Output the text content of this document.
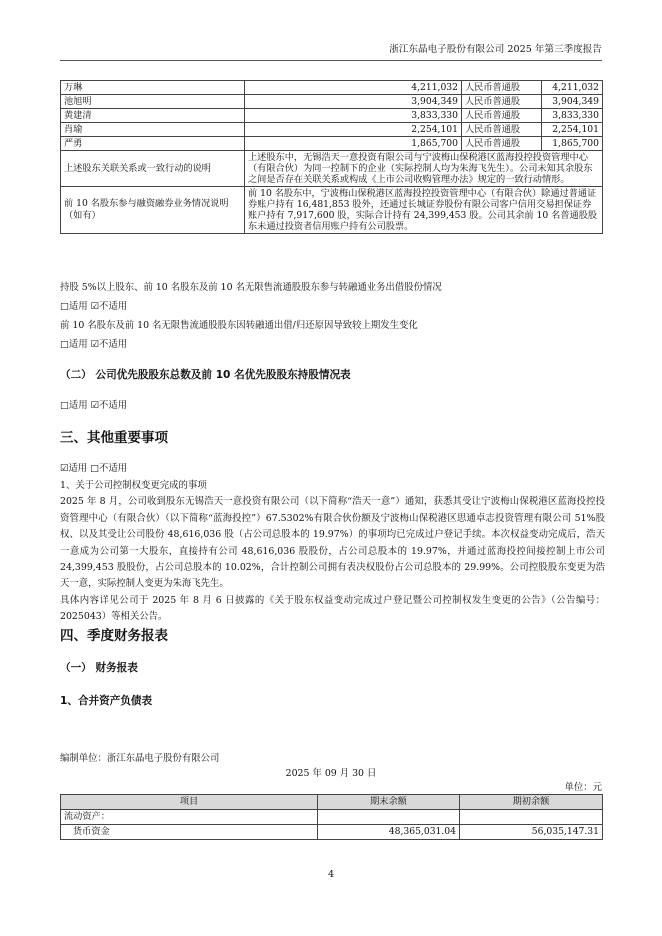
浙江东晶电子股份有限公司 2025 年第三季度报告
万琳	4,211,032	人民币普通股	4,211,032
池旭明	3,904,349	人民币普通股	3,904,349
黄建清	3,833,330	人民币普通股	3,833,330
肖瑜	2,254,101	人民币普通股	2,254,101
严勇	1,865,700	人民币普通股	1,865,700
上述股东关联关系或一致行动的说明	上述股东中，无锡浩天一意投资有限公司与宁波梅山保税港区蓝海投控投资管理中心（有限合伙）为同一控制下的企业（实际控制人均为朱海飞先生）。公司未知其余股东之间是否存在关联关系或构成《上市公司收购管理办法》规定的一致行动情形。		
前 10 名股东参与融资融券业务情况说明（如有）	前 10 名股东中，宁波梅山保税港区蓝海投控投资管理中心（有限合伙）除通过普通证券账户持有 16,481,853 股外，还通过长城证券股份有限公司客户信用交易担保证券账户持有 7,917,600 股，实际合计持有 24,399,453 股。公司其余前 10 名普通股股东未通过投资者信用账户持有公司股票。		
持股 5%以上股东、前 10 名股东及前 10 名无限售流通股股东参与转融通业务出借股份情况
□适用 ☑不适用
前 10 名股东及前 10 名无限售流通股股东因转融通出借/归还原因导致较上期发生变化
□适用 ☑不适用
（二） 公司优先股股东总数及前 10 名优先股股东持股情况表
□适用 ☑不适用
三、其他重要事项
☑适用 □不适用

1、关于公司控制权变更完成的事项

2025 年 8 月，公司收到股东无锡浩天一意投资有限公司（以下简称“浩天一意”）通知，获悉其受让宁波梅山保税港区蓝海投控投资管理中心（有限合伙）（以下简称“蓝海投控”）67.5302%有限合伙份额及宁波梅山保税港区思通卓志投资管理有限公司 51%股权、以及其受让公司股份 48,616,036 股（占公司总股本的 19.97%）的事项均已完成过户登记手续。本次权益变动完成后，浩天一意成为公司第一大股东，直接持有公司 48,616,036 股股份，占公司总股本的 19.97%，并通过蓝海投控间接控制上市公司 24,399,453 股股份，占公司总股本的 10.02%，合计控制公司拥有表决权股份占公司总股本的 29.99%。公司控股股东变更为浩天一意，实际控制人变更为朱海飞先生。

具体内容详见公司于 2025 年 8 月 6 日披露的《关于股东权益变动完成过户登记暨公司控制权发生变更的公告》（公告编号：2025043）等相关公告。

四、季度财务报表
（一） 财务报表
1、合并资产负债表
编制单位：浙江东晶电子股份有限公司
2025 年 09 月 30 日
单位：元
项目	期末余额	期初余额
流动资产：		
货币资金	48,365,031.04	56,035,147.31
4
